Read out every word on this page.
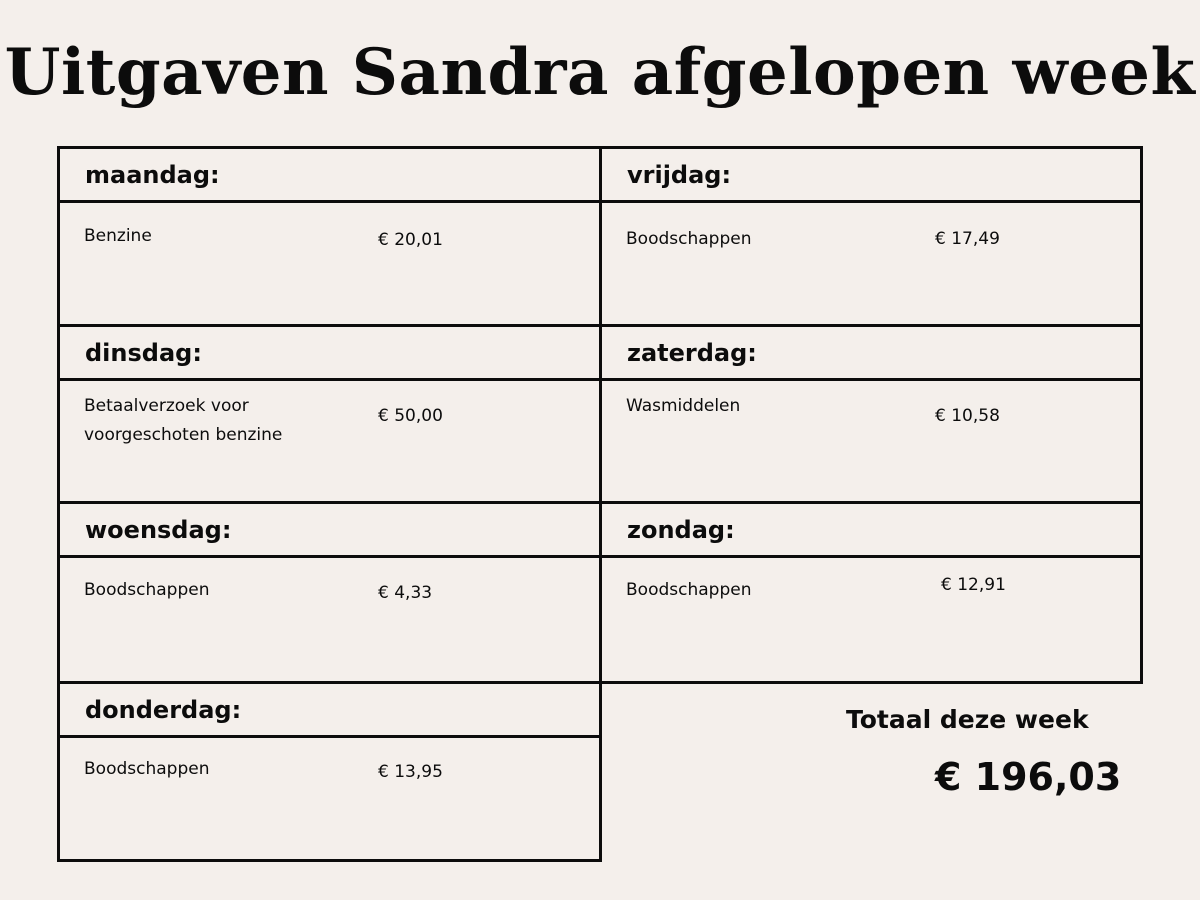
Uitgaven Sandra afgelopen week
maandag:
Benzine	€ 20,01
dinsdag:
Betaalverzoek voor voorgeschoten benzine
€ 50,00
woensdag:
Boodschappen	€ 4,33
donderdag:
Boodschappen	€ 13,95
vrijdag:
Boodschappen	€ 17,49
zaterdag:
Wasmiddelen	€ 10,58
zondag:
Boodschappen	€ 12,91
Totaal deze week
€ 196,03
